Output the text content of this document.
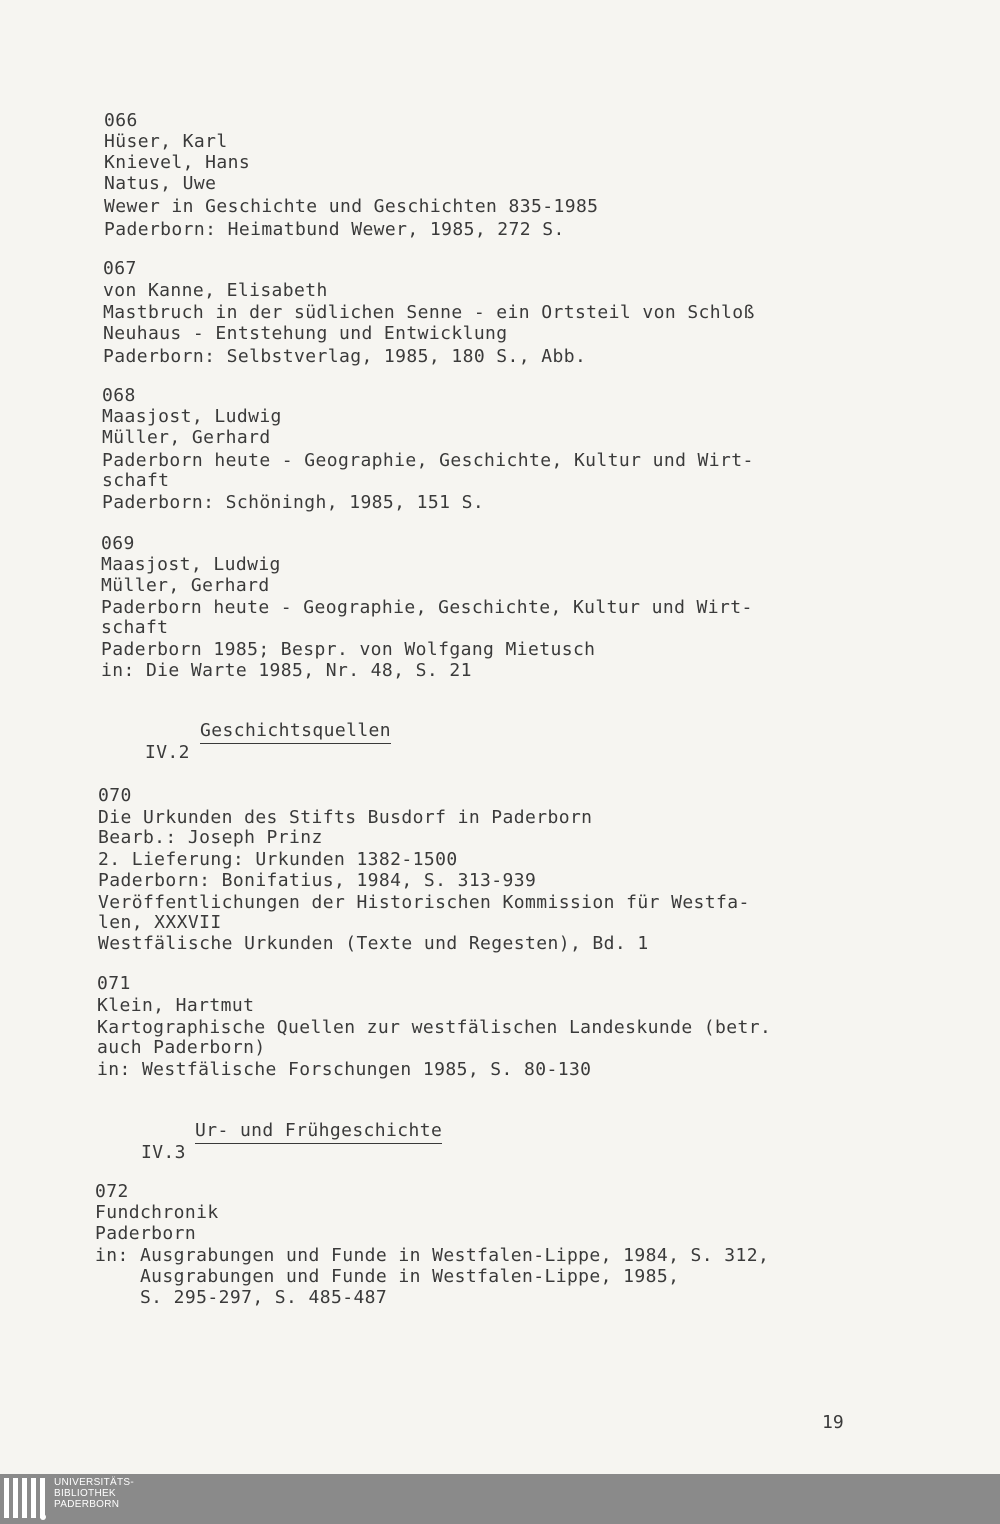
066
Hüser, Karl
Knievel, Hans
Natus, Uwe
Wewer in Geschichte und Geschichten 835-1985
Paderborn: Heimatbund Wewer, 1985, 272 S.
067
von Kanne, Elisabeth
Mastbruch in der südlichen Senne - ein Ortsteil von Schloß
Neuhaus - Entstehung und Entwicklung
Paderborn: Selbstverlag, 1985, 180 S., Abb.
068
Maasjost, Ludwig
Müller, Gerhard
Paderborn heute - Geographie, Geschichte, Kultur und Wirt-
schaft
Paderborn: Schöningh, 1985, 151 S.
069
Maasjost, Ludwig
Müller, Gerhard
Paderborn heute - Geographie, Geschichte, Kultur und Wirt-
schaft
Paderborn 1985; Bespr. von Wolfgang Mietusch
in: Die Warte 1985, Nr. 48, S. 21

IV.2

Geschichtsquellen

070
Die Urkunden des Stifts Busdorf in Paderborn
Bearb.: Joseph Prinz
2. Lieferung: Urkunden 1382-1500
Paderborn: Bonifatius, 1984, S. 313-939
Veröffentlichungen der Historischen Kommission für Westfa-
len, XXXVII
Westfälische Urkunden (Texte und Regesten), Bd. 1
071
Klein, Hartmut
Kartographische Quellen zur westfälischen Landeskunde (betr.
auch Paderborn)
in: Westfälische Forschungen 1985, S. 80-130

IV.3

Ur- und Frühgeschichte

072
Fundchronik
Paderborn
in: Ausgrabungen und Funde in Westfalen-Lippe, 1984, S. 312,
Ausgrabungen und Funde in Westfalen-Lippe, 1985,
S. 295-297, S. 485-487
19
UNIVERSITÄTS-
BIBLIOTHEK
PADERBORN
